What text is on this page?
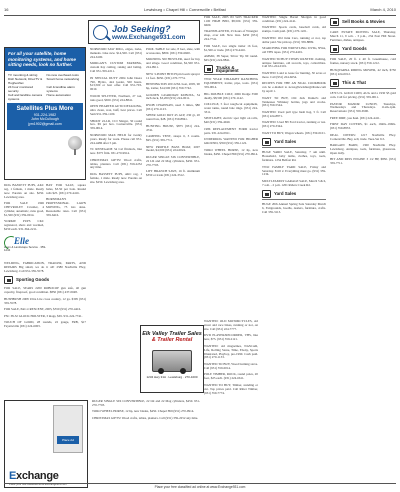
16	Lewisburg • Chapel Hill • Cornersville • Belfast	March 4, 2010
Job Seeking?
www.Exchange931.com
For all your satellite, home monitoring systems, and home sitting needs, look no further.
TV mounting & wiring	No new overhead costs
Dish Network, DirecTV & HughesNet
Smart home networking
24 hour monitored security
Cell & landline alarm systems
Cell and landline camera systems
Home automation
Satellites Plus More
931-224-1982
John McCullough
jym1902@gmail.com

DOG BASSETT PUPS, AKC reg, 1 female, 1 male. Ready now. Parents on site. $250. Lewisburg area.

FOR SALE 1996 CHEVROLET Cavalier, 4 cylinder, automatic, runs good, $1,500 (931) 359-0014.

YORKIE PUPS CKC registered, shots and wormed, $250 each. 931-364-2211.

HAY FOR SALE, square bales, $3.50 per bale. Round rolls $25. (931) 270-4416.

HORSEMAN'S PROFESSIONAL LAWN MOWING, 75 lots done. Reasonable rates. Call (931) 359-6416.

Elle
Lawn & Landscape Service · 359-1234

WELDING, FABRICATION, TRAILER, PARTS, AND REPAIRS Big small, we do it all! 2580 Nashville Hwy, Lewisburg. Call 931-359-5578.

Sporting Goods

FOR SALE, SEARS 2200 ROBOCOP gun safe, 40 gun capacity, fireproof, good condition. $850 (931) 437-0048.

HUSHBUSH 2008 Ultra Lite cross country, 12 ga. $395 (931) 359-5578.

FOR SALE, PAC-CRESCENT, 2005, $550 (931) 270-4416.

PSC 38-32 GLOCK HOLSTER, 3 mags, $65. 931-224-7741.

TOUCH OF GOOD, 28 rounds, 22 gauge, FRB, $17 Fayetteville (931) 224-6003.

NORWOOD SAW MILL, edges, forks, manuals. Like new. $14,500. Call (931) 224-6100.

MORGAN'S CUSTOM FARMING, custom hay cutting, raking and baling. Call 931-359-2211.

IN SPECIAL DUTY 2004 John Deere 790, Hydro, 4x4 loader, 500 hours. $13,500 or best offer. Call 931-703-0010.

WOOD SPLITTER, Northern, 27 ton, runs good, $650. (931) 224-8841.

OPEN HEARTED AUTO DETAILING, ultra clean, wax, buff, best prices. Call Sam 931-359-1100.

SHOOT 22-LR, CCI Stinger, 50 round box. $9 per box. Cornersville. (931) 359-0014.

NORWOOD MAX HELD for twenty years. Ready for work. Please call 931-224-4486 after 5 pm.

TC RENEGADE 54 Cal flintlock, like new. $375 firm. 931-270-9914.

CHRISTMAS GIFTS! Wood crafts, tables, planters. Call (931) 359-2252 any time.

DOG BASSETT PUPS, AKC reg, 1 female, 1 male. Ready now. Parents on site. $250. Lewisburg area.

POOL TABLE for sale, 8 foot, slate, with accessories, $800. (931) 359-6600.

MOOSING 500 HUSTLER, used for hay and silage. Good condition, $2,500 931-224-9911.

NEW 3-POINT HITCH pin boom sprayer 12 foot. $650. (931) 270-7774.

BENNINGTON 200 22XL boat, 2005, 90 hp, trailer, $14,500 (931) 359-7742.

GOLDEN GUARDIAN KUBOTA, 54 inch deck, $3,200 (931) 224-0011.

RYOB CHAINSAW, used 3 times, $80 (931) 270-1123.

SPEER GOLD DOT 45 ACP, 230 gr, 20 round box, $28. (931) 359-8841.

HUNTING HOUSE, $875 (931) 224-4741.

CAMPING TENT, sleeps 6, 3 rooms. $95. (931) 359-7711.

NEW PROFILE BASS BOAT, 2007 model, $4,500 (931) 224-0024.

RUGER SINGLE SIX CONVERTIBLE, 22 LR and 22 Mag cylinders, $450. 931-270-7703.

LIFT BRANCH SAVE, 16 ft. aluminum $350 or trade (931) 224-3312.

FOR SALE, 2005 JD 5225 TRACKER 1100 HIGH BED, $8,500. (931) 359-6600.

TRANSPLANTED, 25 hours of Wrangler shop, over kill. New tires. $450 (931) 224-7741.

FOR SALE, two single trailer 16 foot, $1,500 or trade. (931) 270-4416.

AMMO, 38 Super, Silver Tip 90 round. $65 (931) 224-8841.

Trucks & Equipment

TWO YEAR STRAIGHT RANCHING EQUIPMENT, trailer, pipe, tools. (931) 359-0014.

BIG DOUBLE COLT, 2006 Dodge 3500 dually, $8,500 (931) 270-1142.

COLLEGE, 5 foot rough-cut equipment, water tanks, round bale rings. (931) 224-3311.

SPOTLIGHT, electric spot light on rolls, $40 (931) 359-4040.

1986 REPLACEMENT FORD tractor parts. 931-224-0911.

UNDERDOG WANTED FOR HIGHER GROUND, $350 (931) 359-1122.

TORO WHEEL HORSE, 12 hp, new blades, $450. Chapel Hill (931) 270-9914.

Elk Valley Trailer Sales
& Trailer Rental
1234 Hwy 31A · Lewisburg · 270-1000

WANTED: OLD MOTORCYCLES, old street and race bikes, running or not, on site. Call (931) 224-7777.

DVD PLAYER/RECORDER, VHS, like new, $75. (931) 359-2121.

WANTED: old magazines, NASCAR, Life, Rolling Stone, Time, Ebony, Sports Illustrated, Playboy, pre-1990. Cash paid. (931) 270-1133.

WANTED TO BUY, Wood burning stove. Call (931) 359-0014.

POLE TIMBER, ROCK, round poles, 20 foot, $25 each. (931) 224-6611.

WANTED TO BUY, Timber, standing or cut. Top prices paid. Call Ritter Timber, (931) 359-7774.

WANTED: Single Barrel Shotgun in good condition. (931) 224-4141.

WANTED: Sports cards, baseball cards, old stamps. Cash paid. (931) 270-1221.

WANTED: Old Junk Cars, running or not, top dollar paid. We pick up. (931) 359-8899.

SEARCHING FOR WRESTLING: DVDs, NWA, old VHS tapes. (931) 270-4401.

WANTED TO BUY: ITEMS WANTED: clothing, antique furniture, old records, toys, collectibles. Call 931-224-0101.

WANTED: Land to lease for hunting, 50 acres or more. Call (931) 224-6654.

RECIPES FOR THE AN NUAL COOKBOOK can be e-mailed to news@lewisburgtribune.com by April 1.

WANT TO BUY, Old Jack Daniel's and Tennessee Whiskey bottles, jugs and crocks. (931) 359-5544.

WANTED: Used pull type bush hog, 5 ft. Call (931) 224-8871.

WANTED: Used 8N Ford tractor, running or not. (931) 270-3344.

WANT TO BUY, Wagon wheels. (931) 359-0101.

Yard Sales

HUGE YARD SALE, Saturday, 7 am until. Household, baby items, clothes, toys, tools, furniture. 1234 Belfast Rd.

TWO FAMILY YARD SALE, Friday and Saturday. 8 till 2. Everything must go. (931) 359-1234.

MULTI-FAMILY GARAGE SALE, March 5 & 6, 7 a.m. - 2 p.m. 1201 Riders Creek Rd.

Yard Sales

HUGE 20th Annual Spring Sale Saturday March 6, Fairgrounds, booths, dealers, furniture, crafts. Call 359-3113.

Sell Books & Movies

CARE ESTATE MOVING SALE, Thursday, March 11, 9 a.m. - 3 p.m., 234 East Hill Street. Furniture, dishes, antiques.

Yard Goods

FOR SALE, 20 ft. x 40 ft. Greenhouse, cold frames, nursery stock. (931) 359-1212.

HUSQVARNA RIDING MOWER, 42 inch, $750 (931) 224-0012.

This & That

1870 U.S. GOLD COIN, AUG and a 1930 $5 gold coin. Call for pricing. (931) 359-0011.

PASTOR MANOR LUNCH, Tuesdays, Wednesdays and Thursdays. 11am-1pm. Reservations: (931) 359-6590.

FREE DIRT, you haul. (931) 224-4411.

FIRST DAY COVERS, $1 each, 1940s–1960s. (931) 359-8833.

DEAL DIVERS: 1217 Nashville Hwy. Cornersville. Buy, sell, trade. Tues-Sat 9-5.

BARGAIN BARN, 1300 Nashville Hwy. Lewisburg. Antiques, tools, furniture, glassware. Open daily.

HIT AND MISS ENGINE 3 1/2 HP, $850. (931) 359-7711.

Place Ad
Exchange
Place your free classified ad at Exchange931.com

RUGER SINGLE SIX CONVERTIBLE, 22 LR and 22 Mag cylinders, $450. 931-270-7703.

TORO WHEEL HORSE, 12 hp, new blades, $450. Chapel Hill (931) 270-9914.

CHRISTMAS GIFTS! Wood crafts, tables, planters. Call (931) 359-2252 any time.

Place your free classified ad online at www.Exchange931.com
